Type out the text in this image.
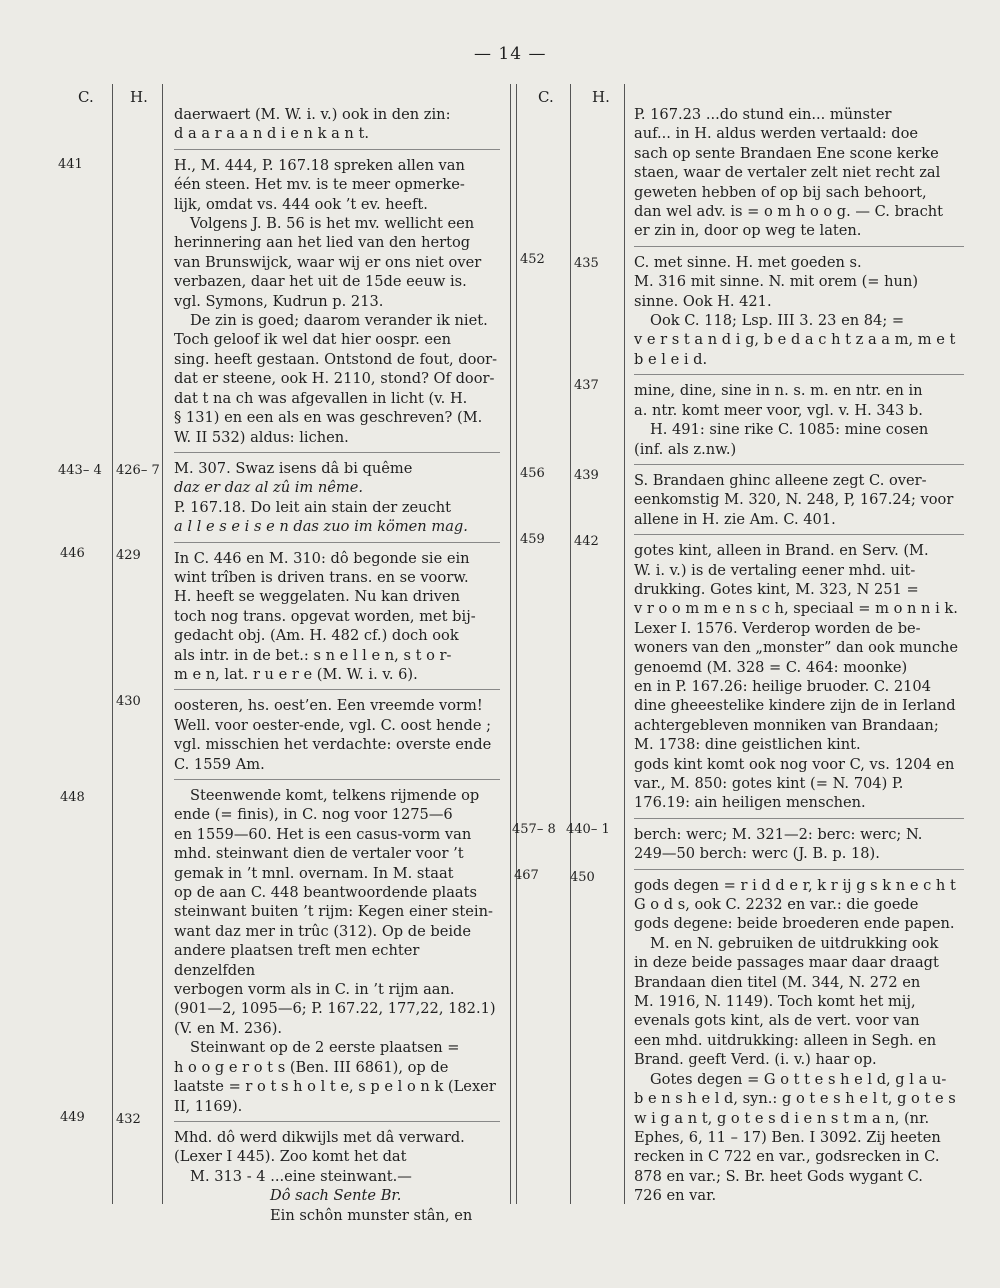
— 14 —
C. H.	C.	H.
441
443– 4 426– 7
446 429
430
448
449 432
452 435
437
456 439
459 442
457– 8 440– 1
467 450
daerwaert (M. W. i. v.) ook in den zin:
d a a r a a n d i e n k a n t.
H., M. 444, P. 167.18 spreken allen van
één steen. Het mv. is te meer opmerke-
lijk, omdat vs. 444 ook ’t ev. heeft.
Volgens J. B. 56 is het mv. wellicht een
herinnering aan het lied van den hertog
van Brunswijck, waar wij er ons niet over
verbazen, daar het uit de 15de eeuw is.
vgl. Symons, Kudrun p. 213.
De zin is goed; daarom verander ik niet.
Toch geloof ik wel dat hier oospr. een
sing. heeft gestaan. Ontstond de fout, door-
dat er steene, ook H. 2110, stond? Of door-
dat t na ch was afgevallen in licht (v. H.
§ 131) en een als en was geschreven? (M.
W. II 532) aldus: lichen.
M. 307. Swaz isens dâ bi quême
daz er daz al zû im nême.
P. 167.18. Do leit ain stain der zeucht
a l l e s e i s e n das zuo im kömen mag.
In C. 446 en M. 310: dô begonde sie ein
wint trîben is driven trans. en se voorw.
H. heeft se weggelaten. Nu kan driven
toch nog trans. opgevat worden, met bij-
gedacht obj. (Am. H. 482 cf.) doch ook
als intr. in de bet.: s n e l l e n, s t o r-
m e n, lat. r u e r e (M. W. i. v. 6).
oosteren, hs. oest’en. Een vreemde vorm!
Well. voor oester-ende, vgl. C. oost hende ;
vgl. misschien het verdachte: overste ende
C. 1559 Am.
Steenwende komt, telkens rijmende op
ende (= finis), in C. nog voor 1275—6
en 1559—60. Het is een casus-vorm van
mhd. steinwant dien de vertaler voor ’t
gemak in ’t mnl. overnam. In M. staat
op de aan C. 448 beantwoordende plaats
steinwant buiten ’t rijm: Kegen einer stein-
want daz mer in trûc (312). Op de beide
andere plaatsen treft men echter denzelfden
verbogen vorm als in C. in ’t rijm aan.
(901—2, 1095—6; P. 167.22, 177,22, 182.1)
(V. en M. 236).
Steinwant op de 2 eerste plaatsen =
h o o g e r o t s (Ben. III 6861), op de
laatste = r o t s h o l t e, s p e l o n k (Lexer
II, 1169).
Mhd. dô werd dikwijls met dâ verward.
(Lexer I 445). Zoo komt het dat
M. 313 - 4 ...eine steinwant.—
Dô sach Sente Br.
Ein schôn munster stân, en
P. 167.23 ...do stund ein... münster
auf... in H. aldus werden vertaald: doe
sach op sente Brandaen Ene scone kerke
staen, waar de vertaler zelt niet recht zal
geweten hebben of op bij sach behoort,
dan wel adv. is = o m h o o g. — C. bracht
er zin in, door op weg te laten.
C. met sinne. H. met goeden s.
M. 316 mit sinne. N. mit orem (= hun)
sinne. Ook H. 421.
Ook C. 118; Lsp. III 3. 23 en 84; =
v e r s t a n d i g, b e d a c h t z a a m, m e t
b e l e i d.
mine, dine, sine in n. s. m. en ntr. en in
a. ntr. komt meer voor, vgl. v. H. 343 b.
H. 491: sine rike C. 1085: mine cosen
(inf. als z.nw.)
S. Brandaen ghinc alleene zegt C. over-
eenkomstig M. 320, N. 248, P, 167.24; voor
allene in H. zie Am. C. 401.
gotes kint, alleen in Brand. en Serv. (M.
W. i. v.) is de vertaling eener mhd. uit-
drukking. Gotes kint, M. 323, N 251 =
v r o o m m e n s c h, speciaal = m o n n i k.
Lexer I. 1576. Verderop worden de be-
woners van den „monster” dan ook munche
genoemd (M. 328 = C. 464: moonke)
en in P. 167.26: heilige bruoder. C. 2104
dine gheeestelike kindere zijn de in Ierland
achtergebleven monniken van Brandaan;
M. 1738: dine geistlichen kint.
gods kint komt ook nog voor C, vs. 1204 en
var., M. 850: gotes kint (= N. 704) P.
176.19: ain heiligen menschen.
berch: werc; M. 321—2: berc: werc; N.
249—50 berch: werc (J. B. p. 18).
gods degen = r i d d e r, k r ij g s k n e c h t
G o d s, ook C. 2232 en var.: die goede
gods degene: beide broederen ende papen.
M. en N. gebruiken de uitdrukking ook
in deze beide passages maar daar draagt
Brandaan dien titel (M. 344, N. 272 en
M. 1916, N. 1149). Toch komt het mij,
evenals gots kint, als de vert. voor van
een mhd. uitdrukking: alleen in Segh. en
Brand. geeft Verd. (i. v.) haar op.
Gotes degen = G o t t e s h e l d, g l a u-
b e n s h e l d, syn.: g o t e s h e l t, g o t e s
w i g a n t, g o t e s d i e n s t m a n, (nr.
Ephes, 6, 11 – 17) Ben. I 3092. Zij heeten
recken in C 722 en var., godsrecken in C.
878 en var.; S. Br. heet Gods wygant C.
726 en var.
